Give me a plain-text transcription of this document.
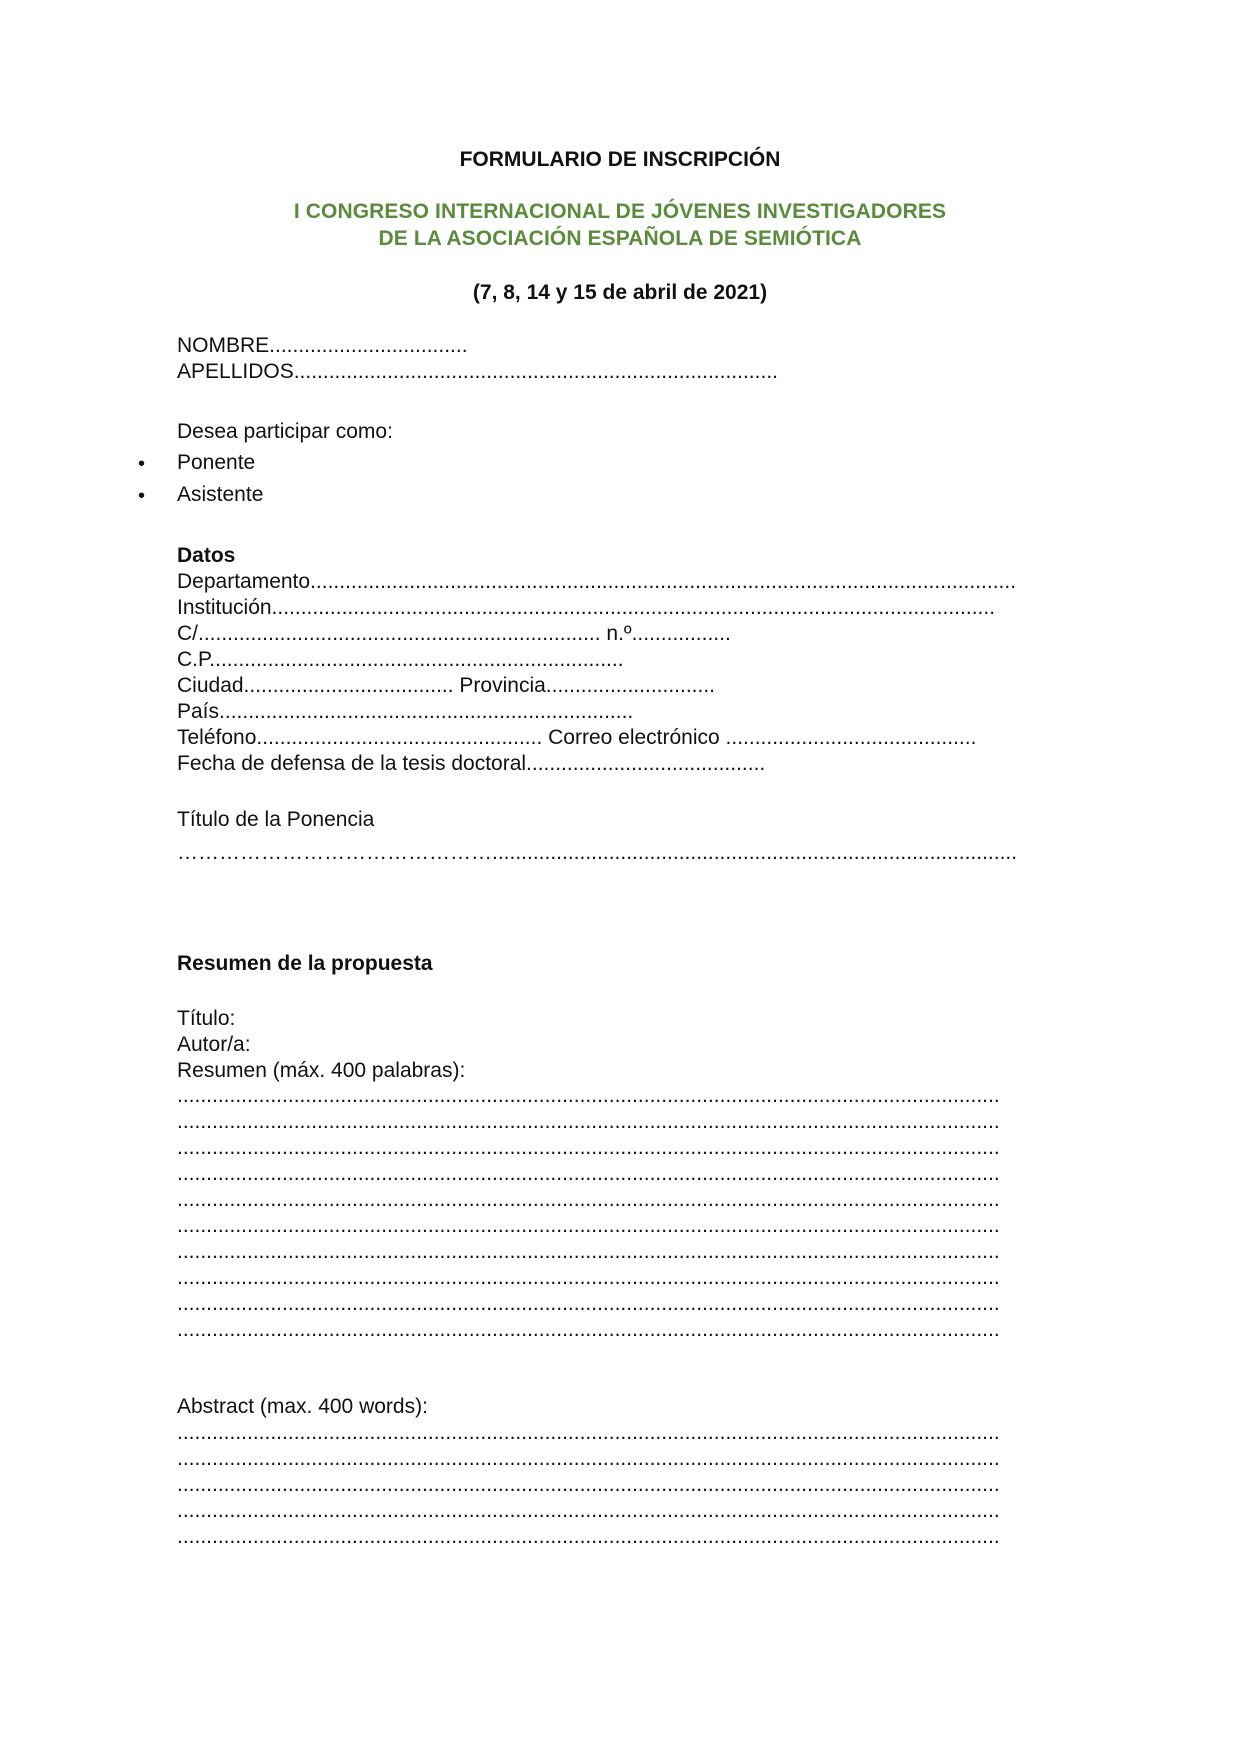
FORMULARIO DE INSCRIPCIÓN
I CONGRESO INTERNACIONAL DE JÓVENES INVESTIGADORES
DE LA ASOCIACIÓN ESPAÑOLA DE SEMIÓTICA
(7, 8, 14 y 15 de abril de 2021)
NOMBRE..................................
APELLIDOS...................................................................................
Desea participar como:
• Ponente
• Asistente
Datos
Departamento.........................................................................................................................
Institución............................................................................................................................
C/..................................................................... n.º.................
C.P.......................................................................
Ciudad.................................... Provincia.............................
País.......................................................................
Teléfono................................................. Correo electrónico ...........................................
Fecha de defensa de la tesis doctoral.........................................
Título de la Ponencia
………………………………………..........................................................................................
Resumen de la propuesta
Título:
Autor/a:
Resumen (máx. 400 palabras):
.............................................................................................................................................
.............................................................................................................................................
.............................................................................................................................................
.............................................................................................................................................
.............................................................................................................................................
.............................................................................................................................................
.............................................................................................................................................
.............................................................................................................................................
.............................................................................................................................................
.............................................................................................................................................
Abstract (max. 400 words):
.............................................................................................................................................
.............................................................................................................................................
.............................................................................................................................................
.............................................................................................................................................
.............................................................................................................................................
